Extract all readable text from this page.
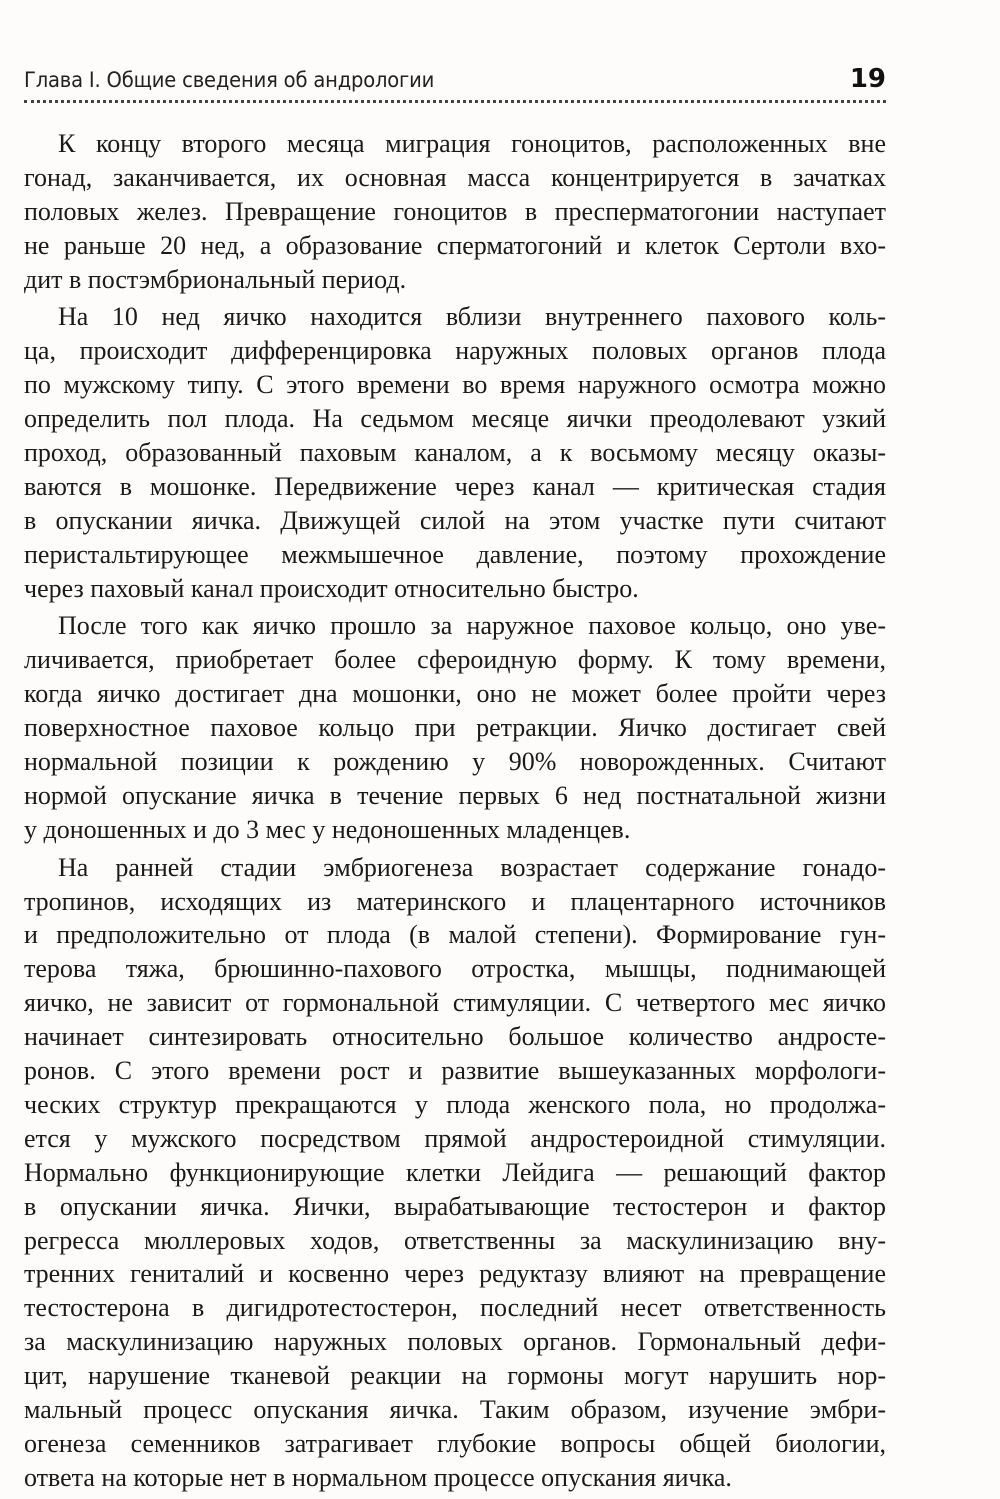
Глава I. Общие сведения об андрологии	19
К концу второго месяца миграция гоноцитов, расположенных вне
гонад, заканчивается, их основная масса концентрируется в зачатках
половых желез. Превращение гоноцитов в пресперматогонии наступает
не раньше 20 нед, а образование сперматогоний и клеток Сертоли вхо-
дит в постэмбриональный период.
На 10 нед яичко находится вблизи внутреннего пахового коль-
ца, происходит дифференцировка наружных половых органов плода
по мужскому типу. С этого времени во время наружного осмотра можно
определить пол плода. На седьмом месяце яички преодолевают узкий
проход, образованный паховым каналом, а к восьмому месяцу оказы-
ваются в мошонке. Передвижение через канал — критическая стадия
в опускании яичка. Движущей силой на этом участке пути считают
перистальтирующее межмышечное давление, поэтому прохождение
через паховый канал происходит относительно быстро.
После того как яичко прошло за наружное паховое кольцо, оно уве-
личивается, приобретает более сфероидную форму. К тому времени,
когда яичко достигает дна мошонки, оно не может более пройти через
поверхностное паховое кольцо при ретракции. Яичко достигает свей
нормальной позиции к рождению у 90% новорожденных. Считают
нормой опускание яичка в течение первых 6 нед постнатальной жизни
у доношенных и до 3 мес у недоношенных младенцев.
На ранней стадии эмбриогенеза возрастает содержание гонадо-
тропинов, исходящих из материнского и плацентарного источников
и предположительно от плода (в малой степени). Формирование гун-
терова тяжа, брюшинно-пахового отростка, мышцы, поднимающей
яичко, не зависит от гормональной стимуляции. С четвертого мес яичко
начинает синтезировать относительно большое количество андросте-
ронов. С этого времени рост и развитие вышеуказанных морфологи-
ческих структур прекращаются у плода женского пола, но продолжа-
ется у мужского посредством прямой андростероидной стимуляции.
Нормально функционирующие клетки Лейдига — решающий фактор
в опускании яичка. Яички, вырабатывающие тестостерон и фактор
регресса мюллеровых ходов, ответственны за маскулинизацию вну-
тренних гениталий и косвенно через редуктазу влияют на превращение
тестостерона в дигидротестостерон, последний несет ответственность
за маскулинизацию наружных половых органов. Гормональный дефи-
цит, нарушение тканевой реакции на гормоны могут нарушить нор-
мальный процесс опускания яичка. Таким образом, изучение эмбри-
огенеза семенников затрагивает глубокие вопросы общей биологии,
ответа на которые нет в нормальном процессе опускания яичка.
